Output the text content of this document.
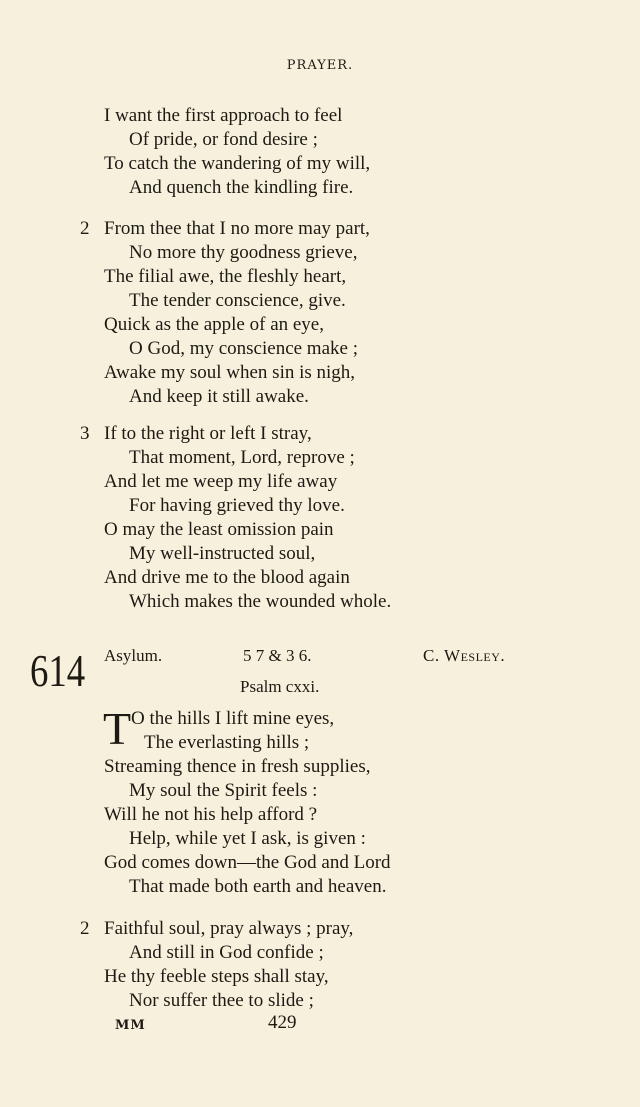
PRAYER.
I want the first approach to feel
Of pride, or fond desire ;
To catch the wandering of my will,
And quench the kindling fire.
2 From thee that I no more may part,
No more thy goodness grieve,
The filial awe, the fleshly heart,
The tender conscience, give.
Quick as the apple of an eye,
O God, my conscience make ;
Awake my soul when sin is nigh,
And keep it still awake.
3 If to the right or left I stray,
That moment, Lord, reprove ;
And let me weep my life away
For having grieved thy love.
O may the least omission pain
My well-instructed soul,
And drive me to the blood again
Which makes the wounded whole.
614 Asylum.	5 7 & 3 6.	C. Wesley.
Psalm cxxi.
T O the hills I lift mine eyes,
The everlasting hills ;
Streaming thence in fresh supplies,
My soul the Spirit feels :
Will he not his help afford ?
Help, while yet I ask, is given :
God comes down—the God and Lord
That made both earth and heaven.
2 Faithful soul, pray always ; pray,
And still in God confide ;
He thy feeble steps shall stay,
Nor suffer thee to slide ;
MM	429
